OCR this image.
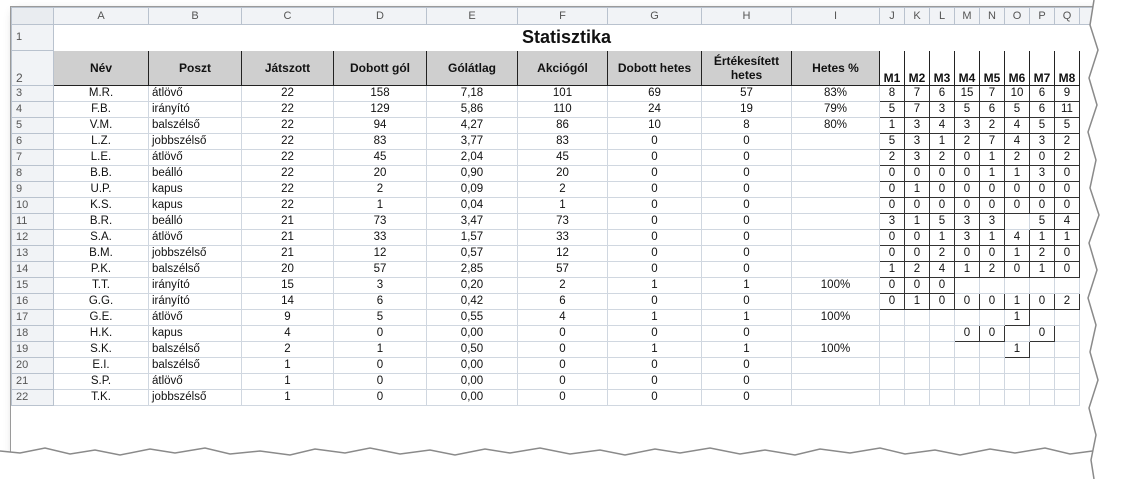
	A	B	C	D	E	F	G	H	I	J	K	L	M	N	O	P	Q	
1	Statisztika																	
2	Név	Poszt	Játszott	Dobott gól	Gólátlag	Akciógól	Dobott hetes	Értékesített hetes	Hetes %	M1	M2	M3	M4	M5	M6	M7	M8	
3	M.R.	átlövő	22	158	7,18	101	69	57	83%	8	7	6	15	7	10	6	9	
4	F.B.	irányító	22	129	5,86	110	24	19	79%	5	7	3	5	6	5	6	11	
5	V.M.	balszélső	22	94	4,27	86	10	8	80%	1	3	4	3	2	4	5	5	
6	L.Z.	jobbszélső	22	83	3,77	83	0	0		5	3	1	2	7	4	3	2	
7	L.E.	átlövő	22	45	2,04	45	0	0		2	3	2	0	1	2	0	2	
8	B.B.	beálló	22	20	0,90	20	0	0		0	0	0	0	1	1	3	0	
9	U.P.	kapus	22	2	0,09	2	0	0		0	1	0	0	0	0	0	0	
10	K.S.	kapus	22	1	0,04	1	0	0		0	0	0	0	0	0	0	0	
11	B.R.	beálló	21	73	3,47	73	0	0		3	1	5	3	3		5	4	
12	S.A.	átlövő	21	33	1,57	33	0	0		0	0	1	3	1	4	1	1	
13	B.M.	jobbszélső	21	12	0,57	12	0	0		0	0	2	0	0	1	2	0	
14	P.K.	balszélső	20	57	2,85	57	0	0		1	2	4	1	2	0	1	0	
15	T.T.	irányító	15	3	0,20	2	1	1	100%	0	0	0						
16	G.G.	irányító	14	6	0,42	6	0	0		0	1	0	0	0	1	0	2	
17	G.E.	átlövő	9	5	0,55	4	1	1	100%						1			
18	H.K.	kapus	4	0	0,00	0	0	0					0	0		0		
19	S.K.	balszélső	2	1	0,50	0	1	1	100%						1			
20	E.I.	balszélső	1	0	0,00	0	0	0										
21	S.P.	átlövő	1	0	0,00	0	0	0										
22	T.K.	jobbszélső	1	0	0,00	0	0	0										
